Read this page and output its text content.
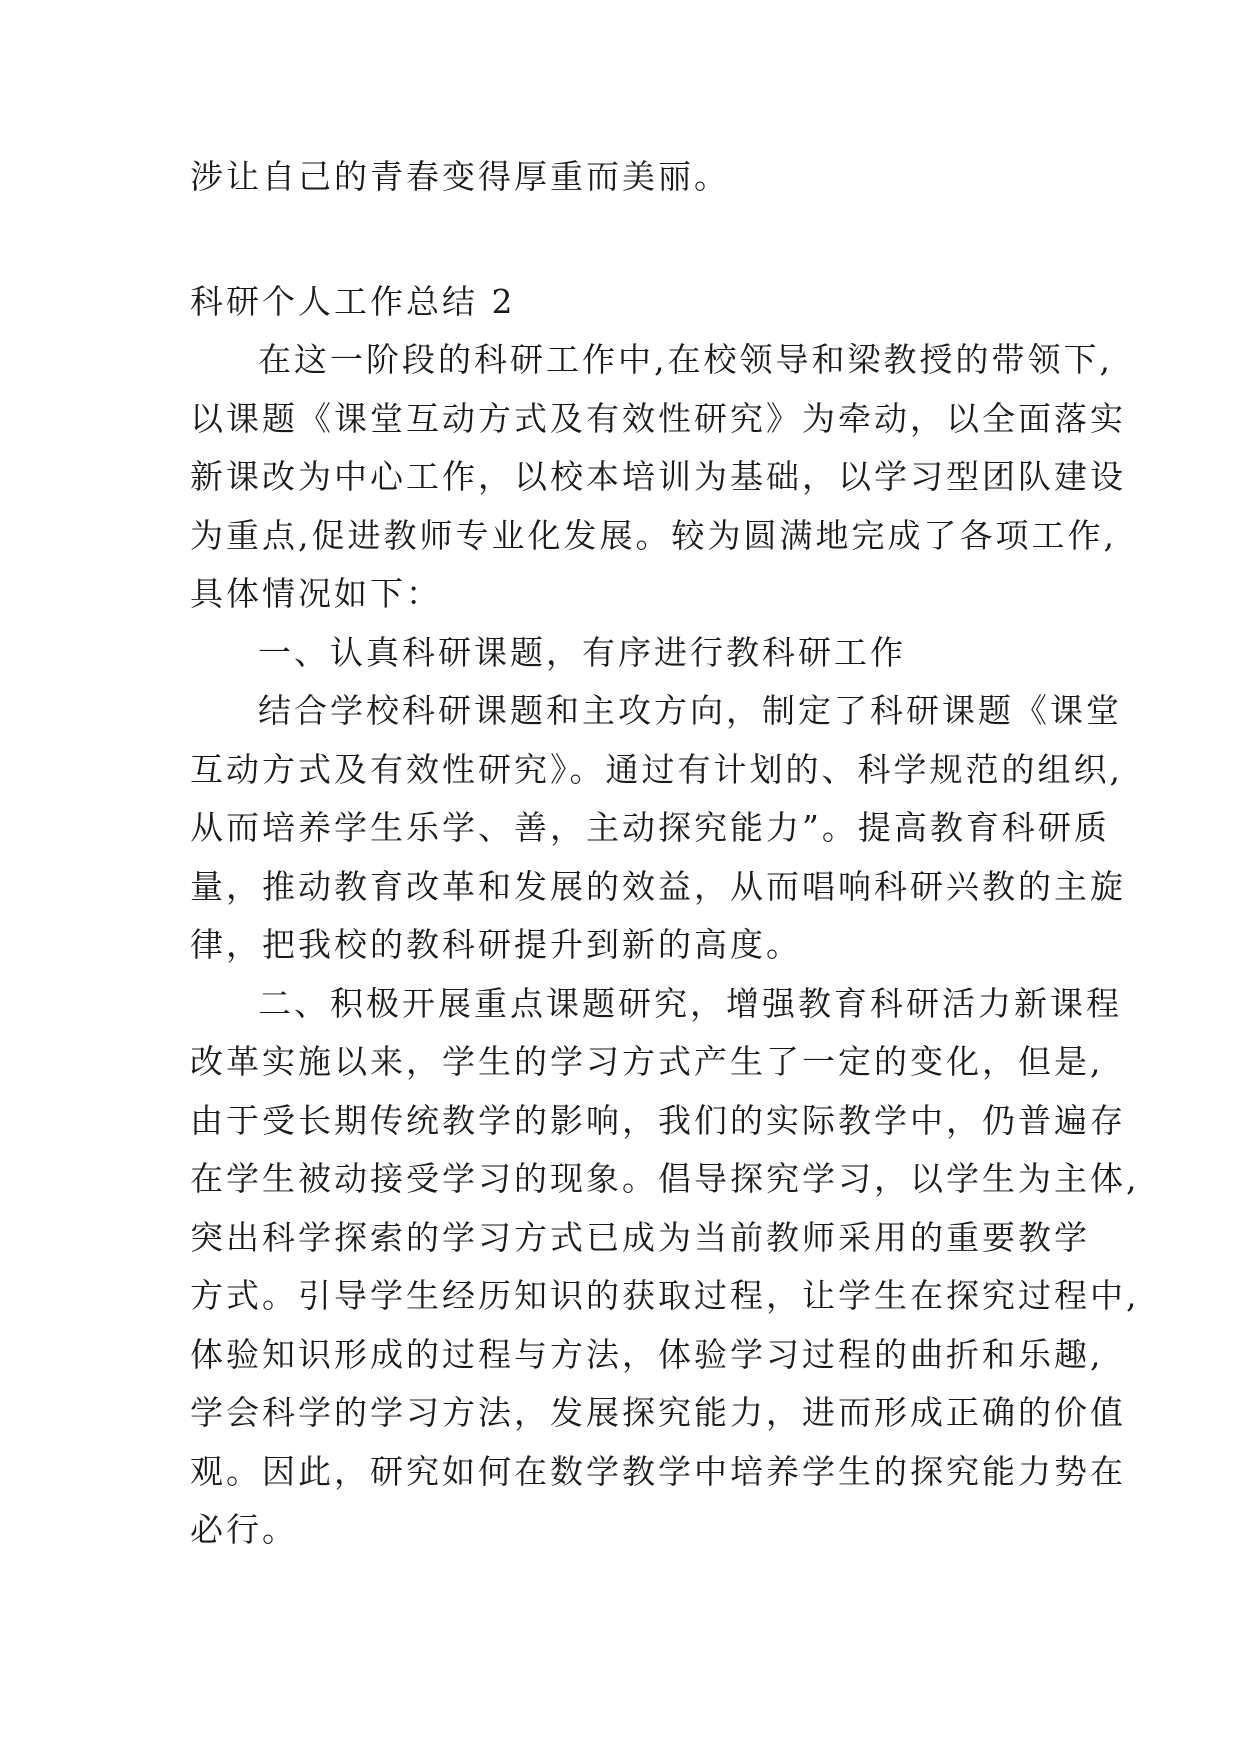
涉让自己的青春变得厚重而美丽。
科研个人工作总结 2
在这一阶段的科研工作中,在校领导和梁教授的带领下,
以课题《课堂互动方式及有效性研究》为牵动，以全面落实
新课改为中心工作，以校本培训为基础，以学习型团队建设
为重点,促进教师专业化发展。较为圆满地完成了各项工作,
具体情况如下：
一、认真科研课题，有序进行教科研工作
结合学校科研课题和主攻方向，制定了科研课题《课堂
互动方式及有效性研究》。通过有计划的、科学规范的组织,
从而培养学生乐学、善，主动探究能力”。提高教育科研质
量，推动教育改革和发展的效益，从而唱响科研兴教的主旋
律，把我校的教科研提升到新的高度。
二、积极开展重点课题研究，增强教育科研活力新课程
改革实施以来，学生的学习方式产生了一定的变化，但是,
由于受长期传统教学的影响，我们的实际教学中，仍普遍存
在学生被动接受学习的现象。倡导探究学习，以学生为主体,
突出科学探索的学习方式已成为当前教师采用的重要教学
方式。引导学生经历知识的获取过程，让学生在探究过程中,
体验知识形成的过程与方法，体验学习过程的曲折和乐趣,
学会科学的学习方法，发展探究能力，进而形成正确的价值
观。因此，研究如何在数学教学中培养学生的探究能力势在
必行。
